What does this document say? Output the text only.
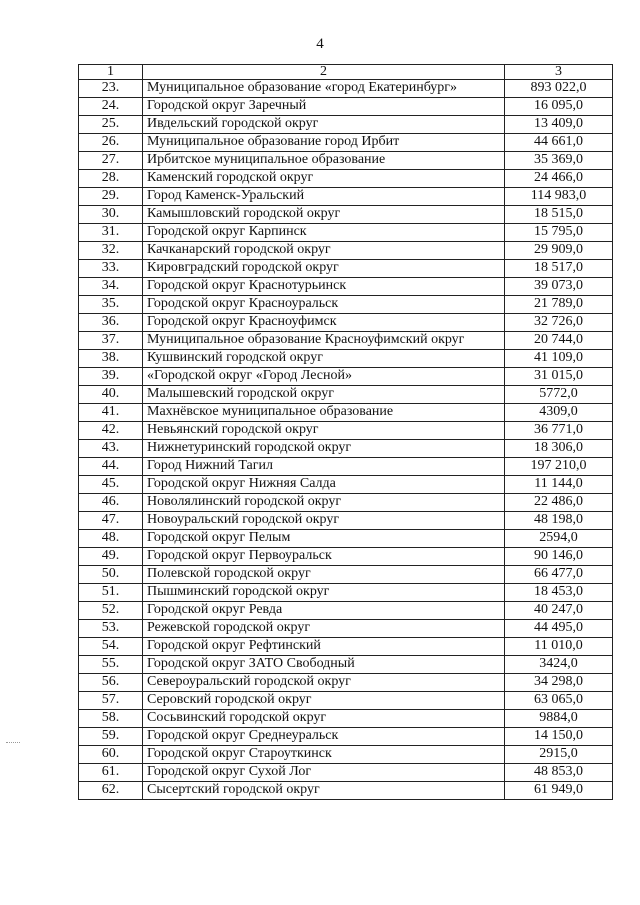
4
1	2	3
23.	Муниципальное образование «город Екатеринбург»	893 022,0
24.	Городской округ Заречный	16 095,0
25.	Ивдельский городской округ	13 409,0
26.	Муниципальное образование город Ирбит	44 661,0
27.	Ирбитское муниципальное образование	35 369,0
28.	Каменский городской округ	24 466,0
29.	Город Каменск-Уральский	114 983,0
30.	Камышловский городской округ	18 515,0
31.	Городской округ Карпинск	15 795,0
32.	Качканарский городской округ	29 909,0
33.	Кировградский городской округ	18 517,0
34.	Городской округ Краснотурьинск	39 073,0
35.	Городской округ Красноуральск	21 789,0
36.	Городской округ Красноуфимск	32 726,0
37.	Муниципальное образование Красноуфимский округ	20 744,0
38.	Кушвинский городской округ	41 109,0
39.	«Городской округ «Город Лесной»	31 015,0
40.	Малышевский городской округ	5772,0
41.	Махнёвское муниципальное образование	4309,0
42.	Невьянский городской округ	36 771,0
43.	Нижнетуринский городской округ	18 306,0
44.	Город Нижний Тагил	197 210,0
45.	Городской округ Нижняя Салда	11 144,0
46.	Новолялинский городской округ	22 486,0
47.	Новоуральский городской округ	48 198,0
48.	Городской округ Пелым	2594,0
49.	Городской округ Первоуральск	90 146,0
50.	Полевской городской округ	66 477,0
51.	Пышминский городской округ	18 453,0
52.	Городской округ Ревда	40 247,0
53.	Режевской городской округ	44 495,0
54.	Городской округ Рефтинский	11 010,0
55.	Городской округ ЗАТО Свободный	3424,0
56.	Североуральский городской округ	34 298,0
57.	Серовский городской округ	63 065,0
58.	Сосьвинский городской округ	9884,0
59.	Городской округ Среднеуральск	14 150,0
60.	Городской округ Староуткинск	2915,0
61.	Городской округ Сухой Лог	48 853,0
62.	Сысертский городской округ	61 949,0
